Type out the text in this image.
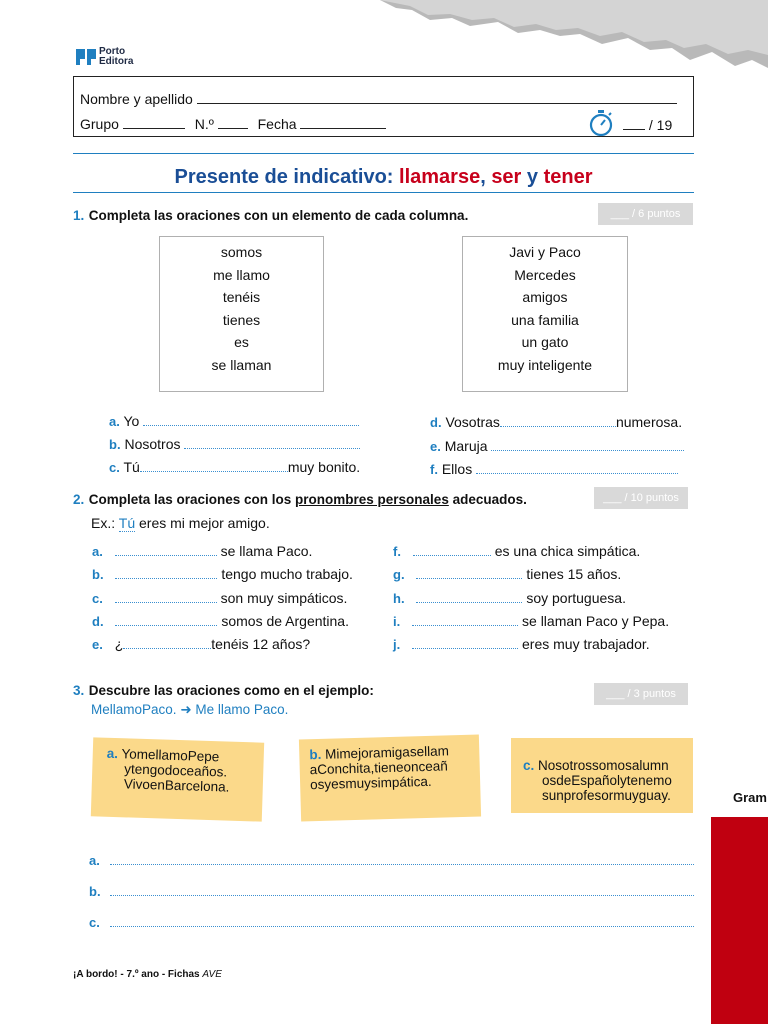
Porto
Editora
Nombre y apellido
Grupo	N.º	Fecha	/ 19
Presente de indicativo: llamarse, ser y tener
1. Completa las oraciones con un elemento de cada columna.	___ / 6 puntos
somos
me llamo
tenéis
tienes
es
se llaman
Javi y Paco
Mercedes
amigos
una familia
un gato
muy inteligente
a. Yo
b. Nosotros
c. Tú	muy bonito.
d. Vosotras	numerosa.
e. Maruja
f. Ellos
2. Completa las oraciones con los pronombres personales adecuados.	___ / 10 puntos
Ex.: Tú eres mi mejor amigo.
a.	se llama Paco.
b.	tengo mucho trabajo.
c.	son muy simpáticos.
d.	somos de Argentina.
e. ¿	tenéis 12 años?
f.	es una chica simpática.
g.	tienes 15 años.
h.	soy portuguesa.
i.	se llaman Paco y Pepa.
j.	eres muy trabajador.
3. Descubre las oraciones como en el ejemplo:	___ / 3 puntos
MellamoPaco. ➜ Me llamo Paco.
a. YomellamoPepe
ytengodoceaños.
VivoenBarcelona.
b. Mimejoramigasellam
aConchita,tieneonceañ
osyesmuysimpática.
c. Nosotrossomosalumn
osdeEspañolytenemo
sunprofesormuyguay.
a.
b.
c.
Gram
¡A bordo! - 7.º ano - Fichas AVE
